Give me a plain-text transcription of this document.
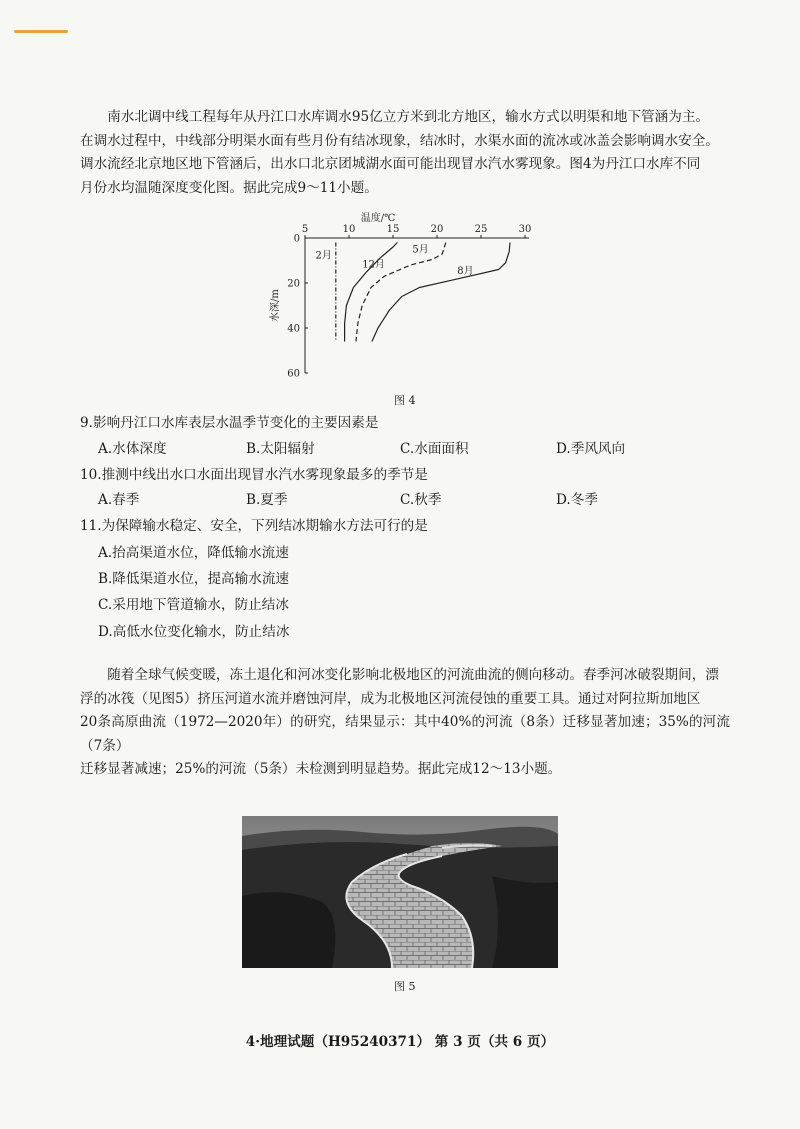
南水北调中线工程每年从丹江口水库调水95亿立方米到北方地区，输水方式以明渠和地下管涵为主。

在调水过程中，中线部分明渠水面有些月份有结冰现象，结冰时，水渠水面的流冰或冰盖会影响调水安全。

调水流经北京地区地下管涵后，出水口北京团城湖水面可能出现冒水汽水雾现象。图4为丹江口水库不同

月份水均温随深度变化图。据此完成9～11小题。

5	10	15	20	25	30
0
20
40
60
温度/℃
水深/m
2月
12月
5月
8月
图 4
9.影响丹江口水库表层水温季节变化的主要因素是
A.水体深度	B.太阳辐射	C.水面面积	D.季风风向
10.推测中线出水口水面出现冒水汽水雾现象最多的季节是
A.春季	B.夏季	C.秋季	D.冬季
11.为保障输水稳定、安全，下列结冰期输水方法可行的是
A.抬高渠道水位，降低输水流速
B.降低渠道水位，提高输水流速
C.采用地下管道输水，防止结冰
D.高低水位变化输水，防止结冰

随着全球气候变暖，冻土退化和河冰变化影响北极地区的河流曲流的侧向移动。春季河冰破裂期间，漂

浮的冰筏（见图5）挤压河道水流并磨蚀河岸，成为北极地区河流侵蚀的重要工具。通过对阿拉斯加地区

20条高原曲流（1972—2020年）的研究，结果显示：其中40%的河流（8条）迁移显著加速；35%的河流（7条）

迁移显著减速；25%的河流（5条）未检测到明显趋势。据此完成12～13小题。

图 5
4·地理试题（H95240371） 第 3 页（共 6 页）
